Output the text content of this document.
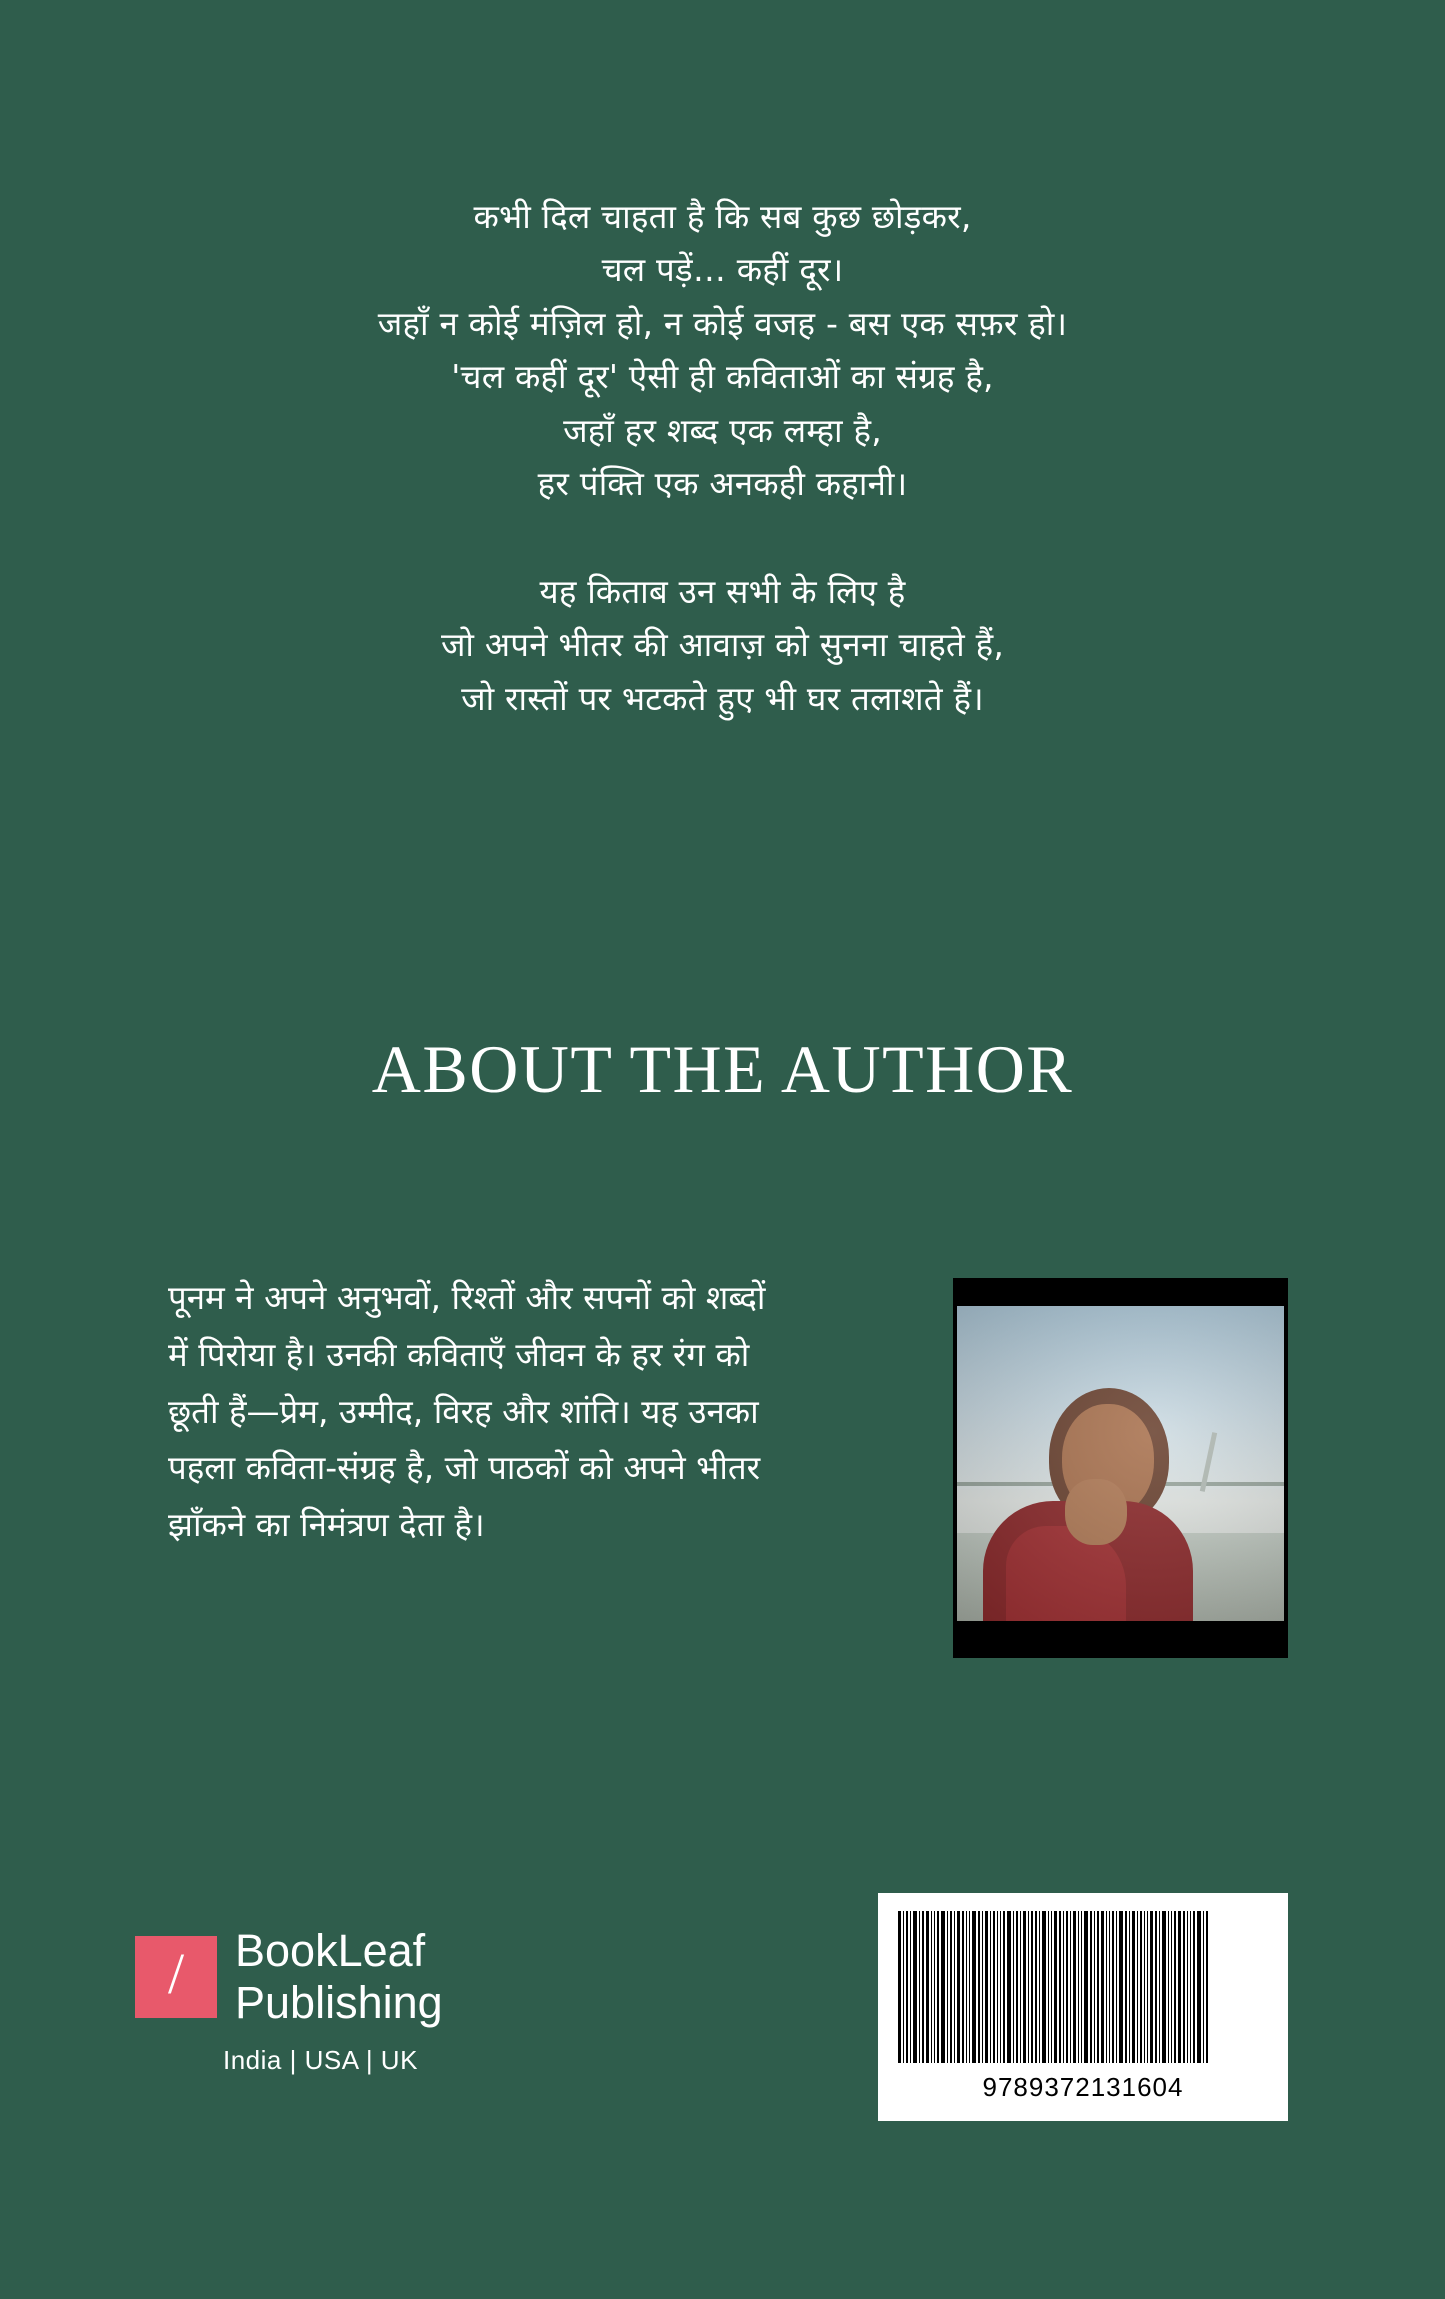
कभी दिल चाहता है कि सब कुछ छोड़कर,
चल पड़ें… कहीं दूर।
जहाँ न कोई मंज़िल हो, न कोई वजह - बस एक सफ़र हो।
'चल कहीं दूर' ऐसी ही कविताओं का संग्रह है,
जहाँ हर शब्द एक लम्हा है,
हर पंक्ति एक अनकही कहानी।
यह किताब उन सभी के लिए है
जो अपने भीतर की आवाज़ को सुनना चाहते हैं,
जो रास्तों पर भटकते हुए भी घर तलाशते हैं।
ABOUT THE AUTHOR
पूनम ने अपने अनुभवों, रिश्तों और सपनों को शब्दों में पिरोया है। उनकी कविताएँ जीवन के हर रंग को छूती हैं—प्रेम, उम्मीद, विरह और शांति। यह उनका पहला कविता-संग्रह है, जो पाठकों को अपने भीतर झाँकने का निमंत्रण देता है।
/ BookLeaf
Publishing
India | USA | UK
9789372131604
